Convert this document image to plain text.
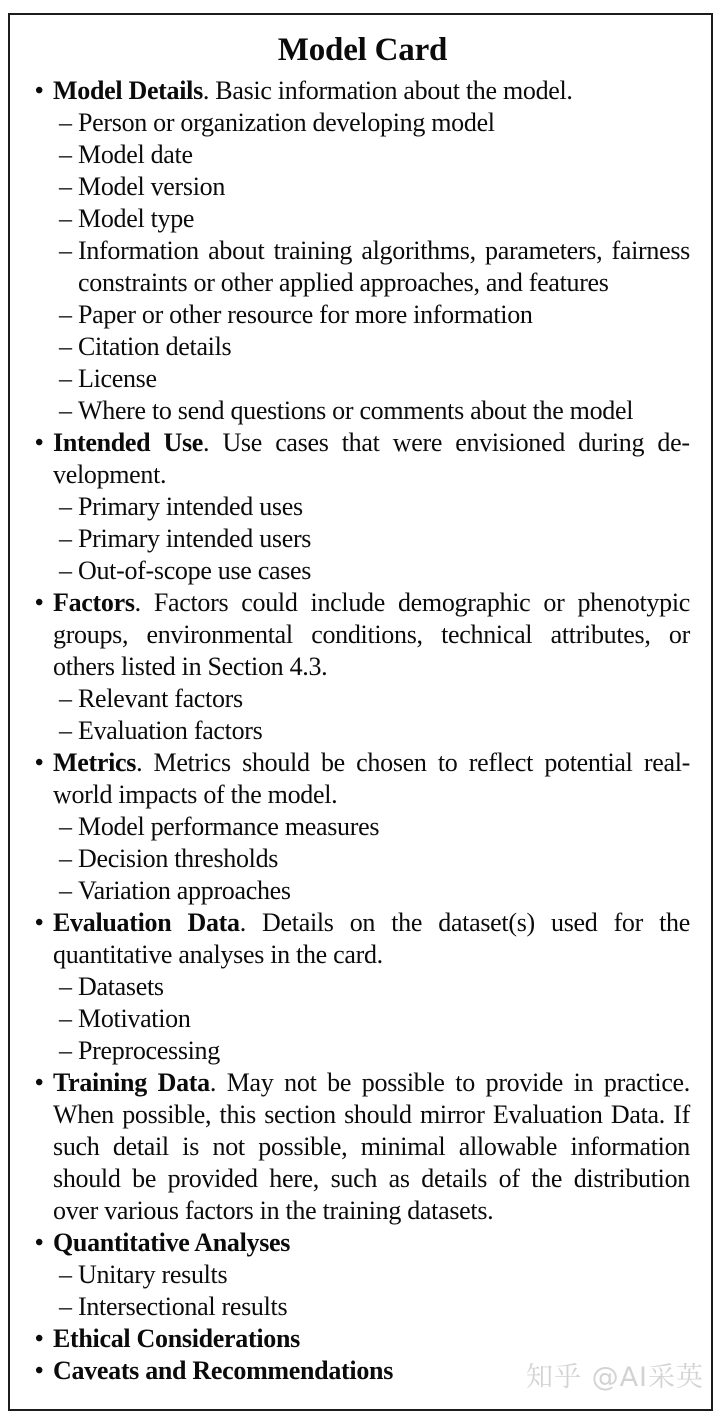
Model Card
• Model Details. Basic information about the model.
– Person or organization developing model
– Model date
– Model version
– Model type
– Information about training algorithms, parameters, fairness constraints or other applied approaches, and features
– Paper or other resource for more information
– Citation details
– License
– Where to send questions or comments about the model
• Intended Use. Use cases that were envisioned during development.
– Primary intended uses
– Primary intended users
– Out-of-scope use cases
• Factors. Factors could include demographic or phenotypic groups, environmental conditions, technical attributes, or others listed in Section 4.3.
– Relevant factors
– Evaluation factors
• Metrics. Metrics should be chosen to reflect potential real-world impacts of the model.
– Model performance measures
– Decision thresholds
– Variation approaches
• Evaluation Data. Details on the dataset(s) used for the quantitative analyses in the card.
– Datasets
– Motivation
– Preprocessing
• Training Data. May not be possible to provide in practice. When possible, this section should mirror Evaluation Data. If such detail is not possible, minimal allowable information should be provided here, such as details of the distribution over various factors in the training datasets.
• Quantitative Analyses
– Unitary results
– Intersectional results
• Ethical Considerations
• Caveats and Recommendations	知乎 @AI采英
